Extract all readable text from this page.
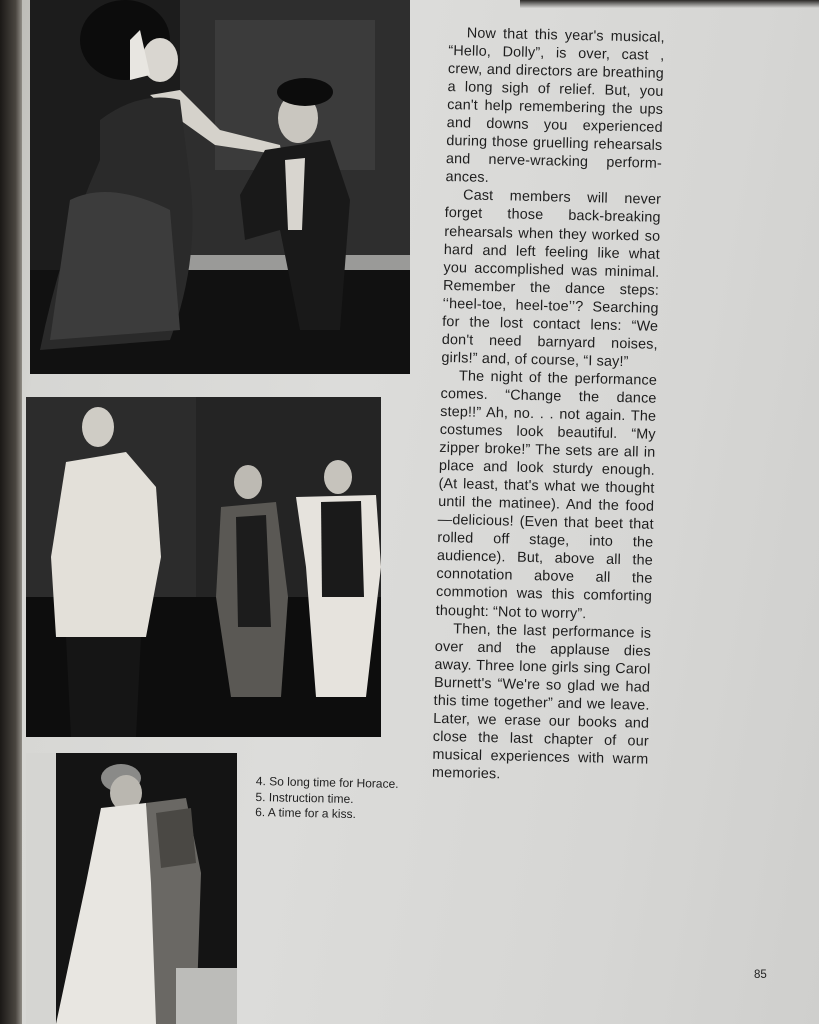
Now that this year's musical, “Hello, Dolly”, is over, cast , crew, and directors are breathing a long sigh of relief. But, you can't help remembering the ups and downs you experienced during those gruelling rehearsals and nerve-wracking perform- ances.

Cast members will never forget those back-breaking rehearsals when they worked so hard and left feeling like what you accomplished was minimal. Remember the dance steps: ‘‘heel-toe, heel-toe’’? Searching for the lost contact lens: “We don't need barnyard noises, girls!” and, of course, “I say!”

The night of the performance comes. “Change the dance step!!” Ah, no. . . not again. The costumes look beautiful. “My zipper broke!” The sets are all in place and look sturdy enough. (At least, that's what we thought until the matinee). And the food—delicious! (Even that beet that rolled off stage, into the audience). But, above all the connotation above all the commotion was this comforting thought: “Not to worry”.

Then, the last performance is over and the applause dies away. Three lone girls sing Carol Burnett's “We're so glad we had this time together” and we leave. Later, we erase our books and close the last chapter of our musical experiences with warm memories.

4. So long time for Horace.
5. Instruction time.
6. A time for a kiss.
85
